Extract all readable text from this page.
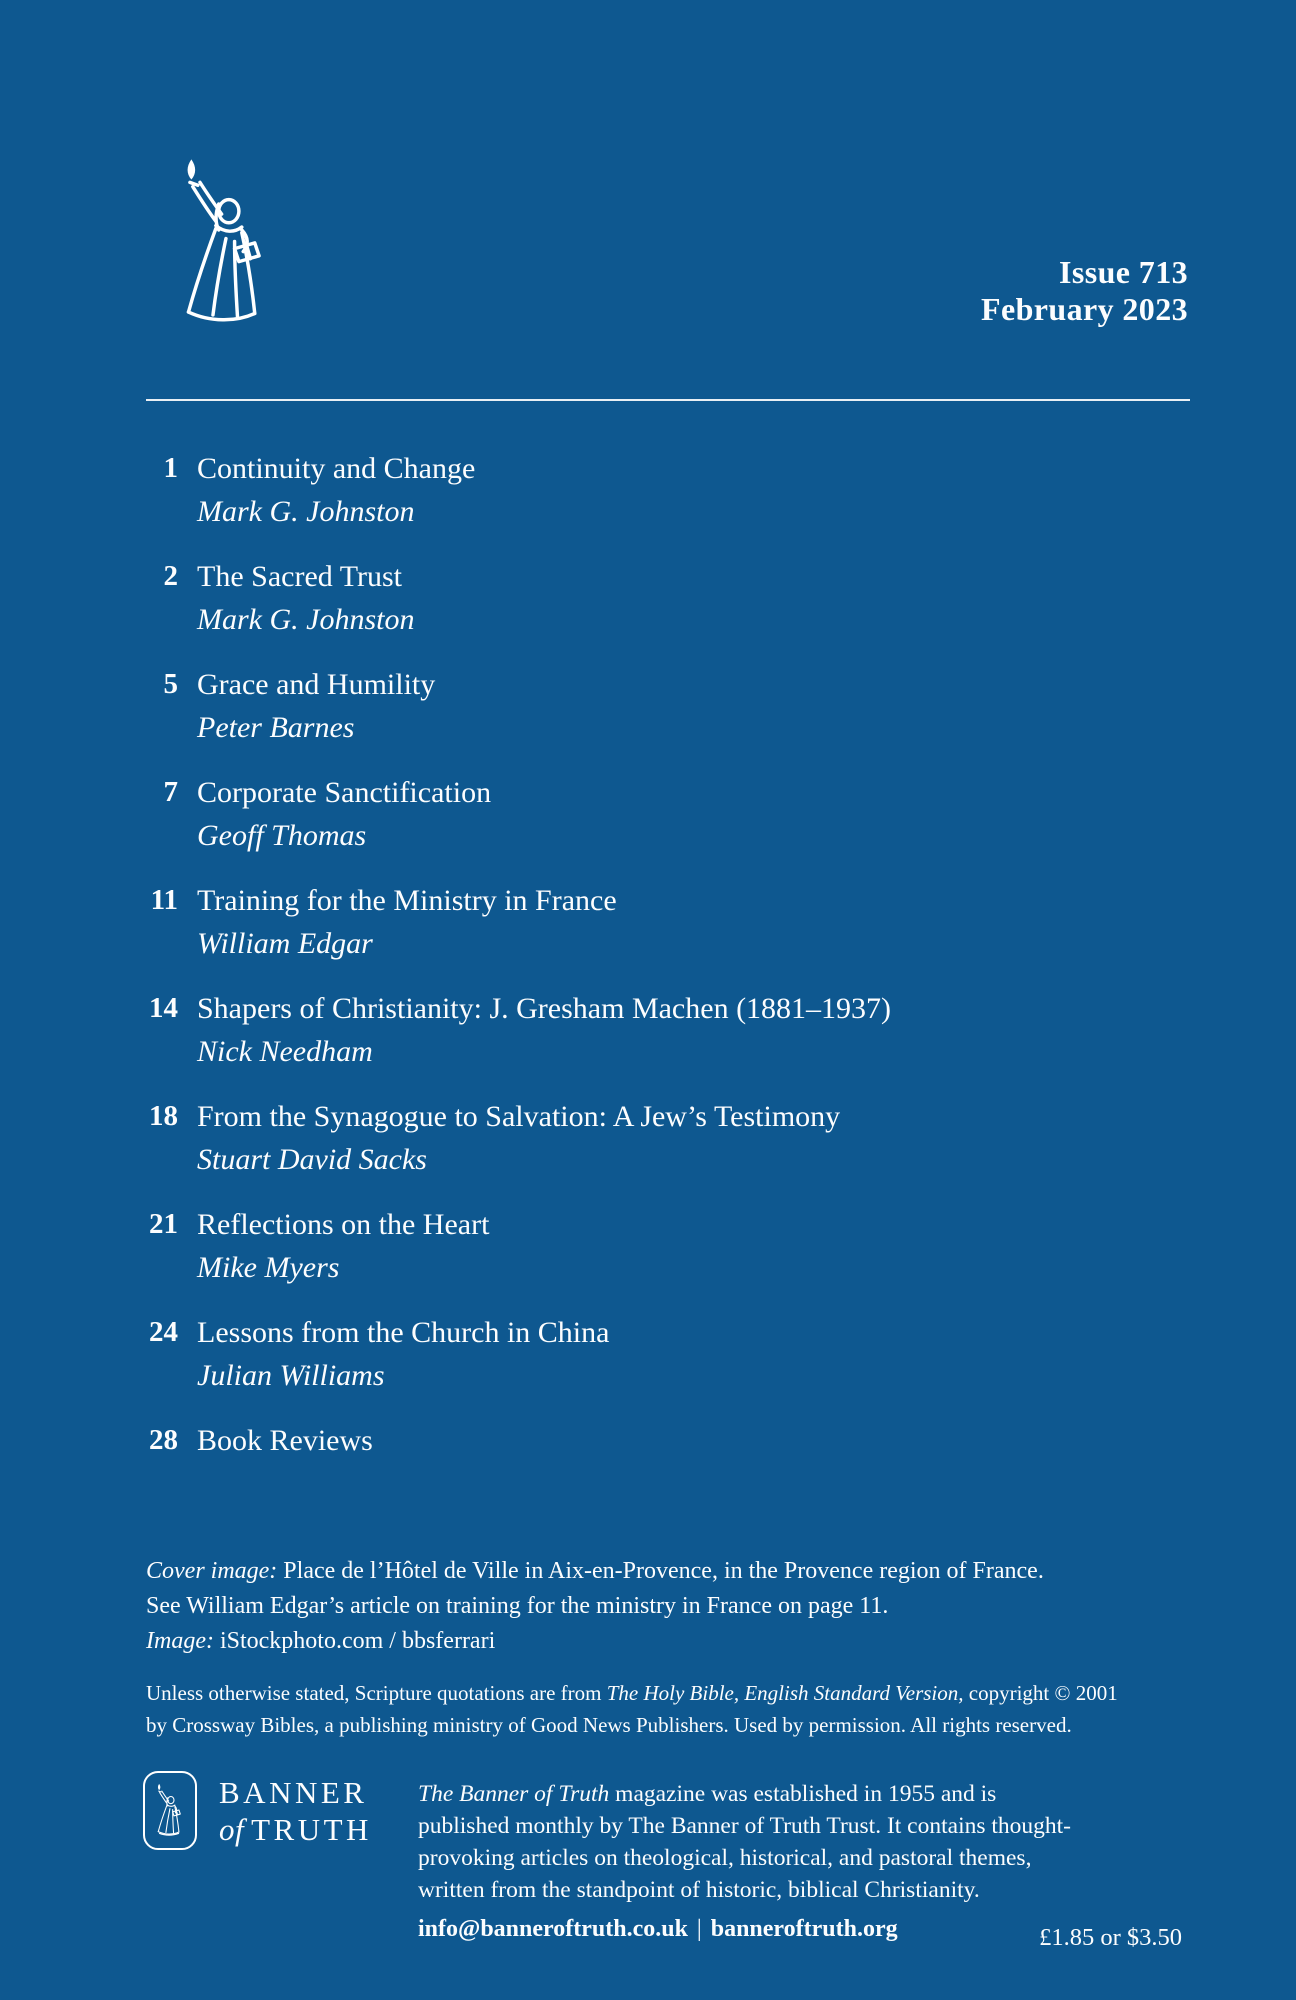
Issue 713
February 2023
1 Continuity and Change
Mark G. Johnston
2 The Sacred Trust
Mark G. Johnston
5 Grace and Humility
Peter Barnes
7 Corporate Sanctification
Geoff Thomas
11 Training for the Ministry in France
William Edgar
14 Shapers of Christianity: J. Gresham Machen (1881–1937)
Nick Needham
18 From the Synagogue to Salvation: A Jew’s Testimony
Stuart David Sacks
21 Reflections on the Heart
Mike Myers
24 Lessons from the Church in China
Julian Williams
28 Book Reviews
Cover image: Place de l’Hôtel de Ville in Aix-en-Provence, in the Provence region of France.
See William Edgar’s article on training for the ministry in France on page 11.
Image: iStockphoto.com / bbsferrari
Unless otherwise stated, Scripture quotations are from The Holy Bible, English Standard Version, copyright © 2001
by Crossway Bibles, a publishing ministry of Good News Publishers. Used by permission. All rights reserved.
BANNER
of TRUTH
The Banner of Truth magazine was established in 1955 and is
published monthly by The Banner of Truth Trust. It contains thought-
provoking articles on theological, historical, and pastoral themes,
written from the standpoint of historic, biblical Christianity.
info@banneroftruth.co.uk | banneroftruth.org	£1.85 or $3.50
